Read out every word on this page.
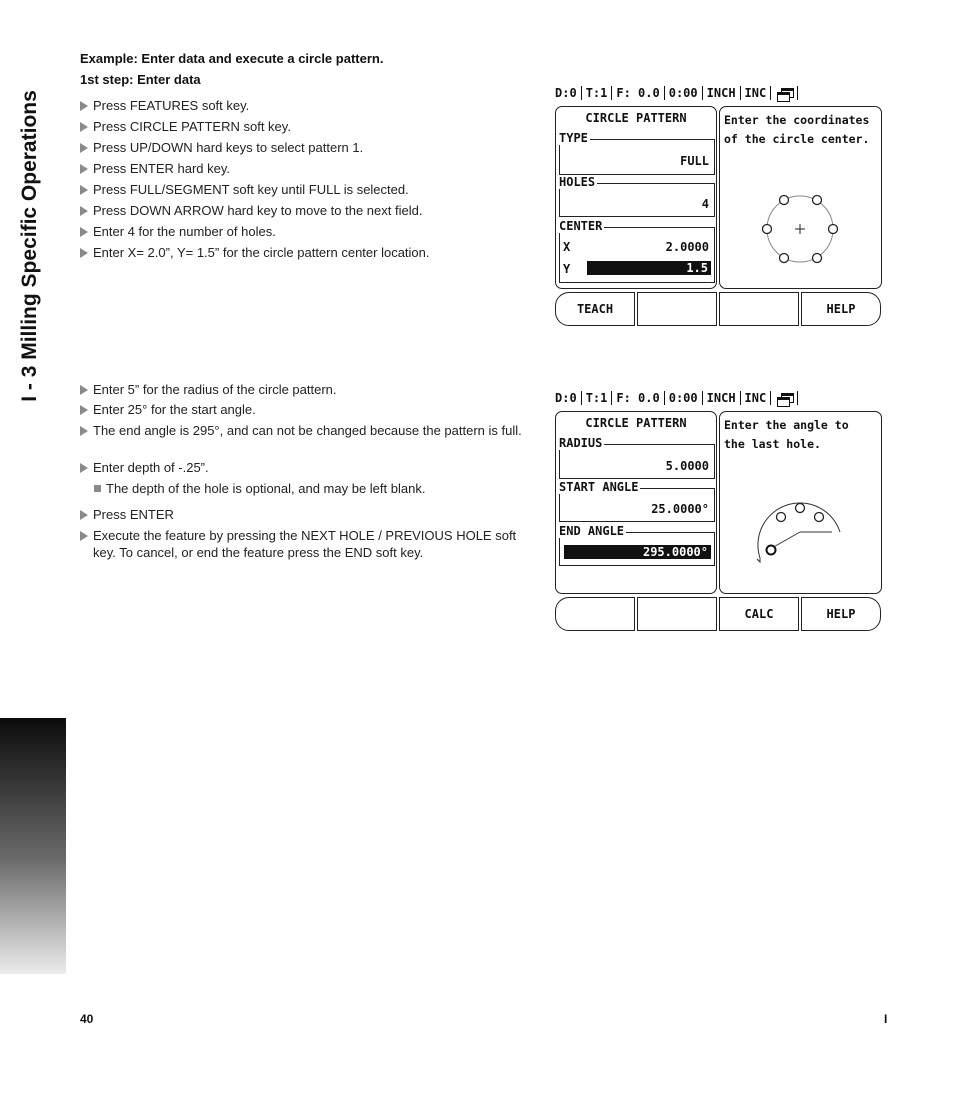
I - 3 Milling Specific Operations
Example: Enter data and execute a circle pattern.
1st step: Enter data
Press FEATURES soft key.
Press CIRCLE PATTERN soft key.
Press UP/DOWN hard keys to select pattern 1.
Press ENTER hard key.
Press FULL/SEGMENT soft key until FULL is selected.
Press DOWN ARROW hard key to move to the next field.
Enter 4 for the number of holes.
Enter X= 2.0”, Y= 1.5” for the circle pattern center location.
Enter 5” for the radius of the circle pattern.
Enter 25° for the start angle.
The end angle is 295°, and can not be changed because the pattern is full.
Enter depth of -.25”.
The depth of the hole is optional, and may be left blank.
Press ENTER
Execute the feature by pressing the NEXT HOLE / PREVIOUS HOLE soft key. To cancel, or end the feature press the END soft key.
D:0 T:1 F: 0.0 0:00 INCH INC
CIRCLE PATTERN
TYPE
FULL
HOLES
4
CENTER
X	2.0000
Y	1.5
Enter the coordinates of the circle center.
TEACH	HELP
D:0 T:1 F: 0.0 0:00 INCH INC
CIRCLE PATTERN
RADIUS
5.0000
START ANGLE
25.0000°
END ANGLE
295.0000°
Enter the angle to the last hole.
CALC	HELP
40	I
